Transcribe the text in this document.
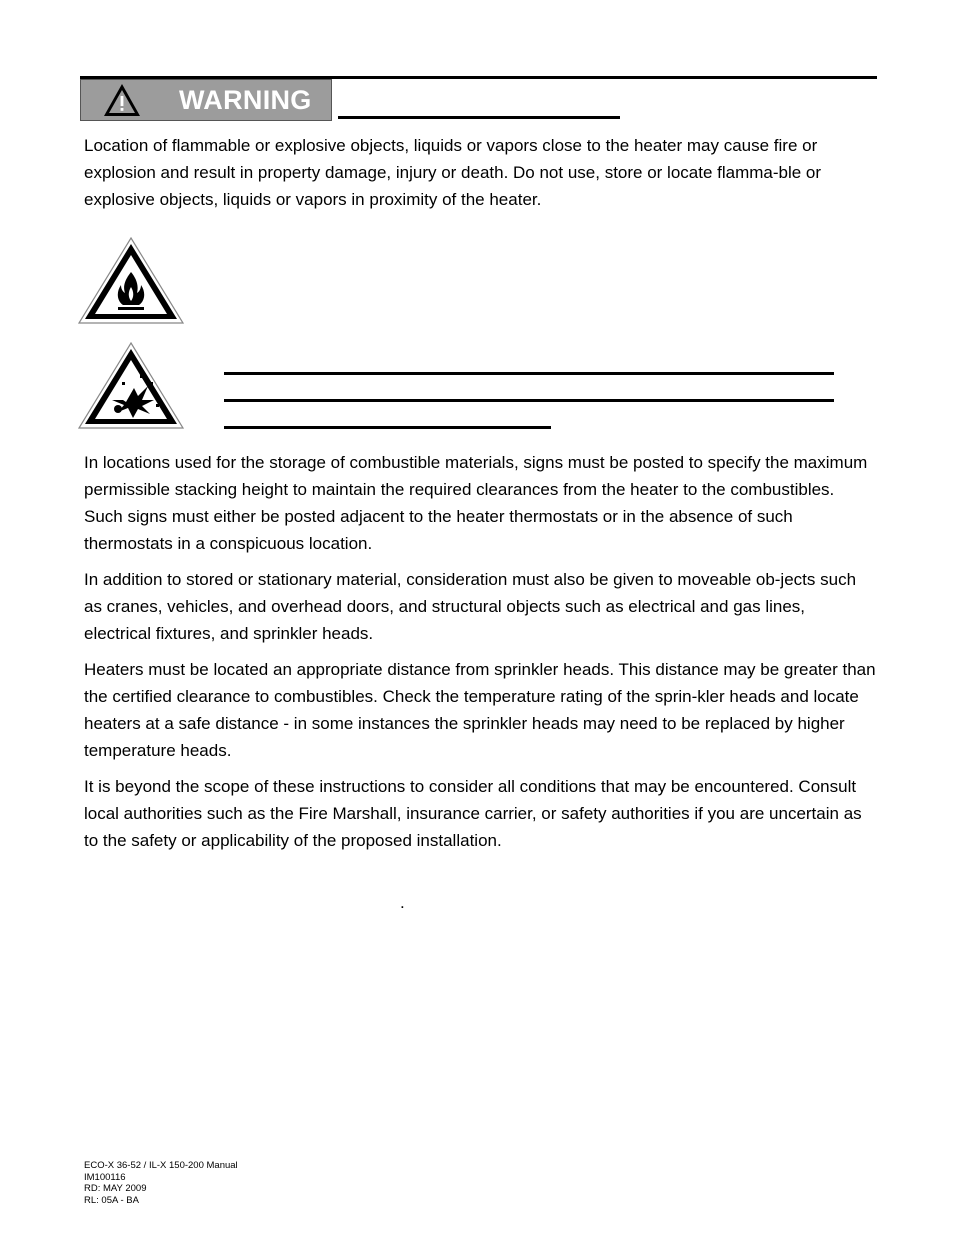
WARNING

Location of flammable or explosive objects, liquids or vapors close to the heater may cause fire or explosion and result in property damage, injury or death. Do not use, store or locate flamma-ble or explosive objects, liquids or vapors in proximity of the heater.

In locations used for the storage of combustible materials, signs must be posted to specify the maximum permissible stacking height to maintain the required clearances from the heater to the combustibles. Such signs must either be posted adjacent to the heater thermostats or in the absence of such thermostats in a conspicuous location.

In addition to stored or stationary material, consideration must also be given to moveable ob-jects such as cranes, vehicles, and overhead doors, and structural objects such as electrical and gas lines, electrical fixtures, and sprinkler heads.

Heaters must be located an appropriate distance from sprinkler heads. This distance may be greater than the certified clearance to combustibles. Check the temperature rating of the sprin-kler heads and locate heaters at a safe distance - in some instances the sprinkler heads may need to be replaced by higher temperature heads.

It is beyond the scope of these instructions to consider all conditions that may be encountered. Consult local authorities such as the Fire Marshall, insurance carrier, or safety authorities if you are uncertain as to the safety or applicability of the proposed installation.

.
ECO-X 36-52 / IL-X 150-200 Manual
IM100116
RD: MAY 2009
RL: 05A - BA
